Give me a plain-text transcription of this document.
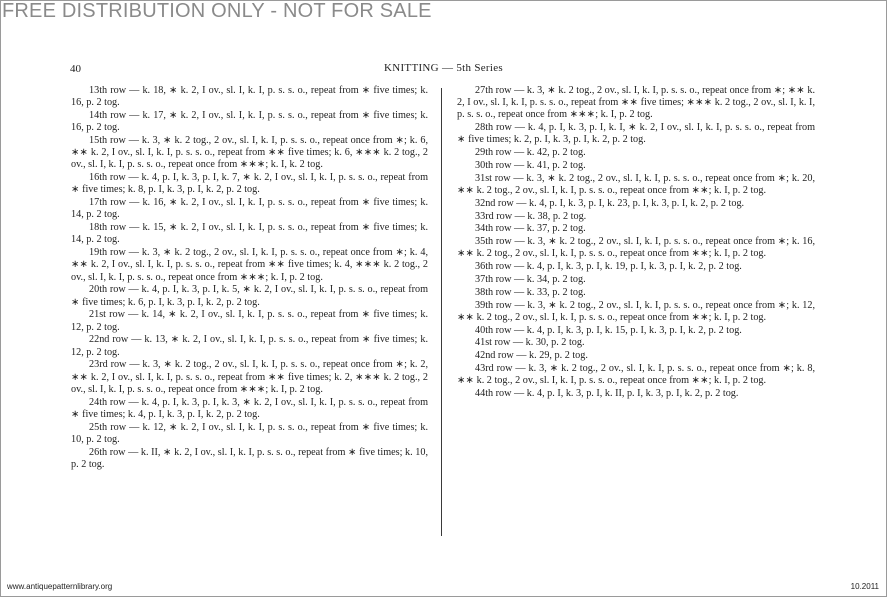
FREE DISTRIBUTION ONLY - NOT FOR SALE
40	KNITTING — 5th Series

13th row — k. 18, ∗ k. 2, I ov., sl. I, k. I, p. s. s. o., repeat from ∗ five times; k. 16, p. 2 tog.

14th row — k. 17, ∗ k. 2, I ov., sl. I, k. I, p. s. s. o., repeat from ∗ five times; k. 16, p. 2 tog.

15th row — k. 3, ∗ k. 2 tog., 2 ov., sl. I, k. I, p. s. s. o., repeat once from ∗; k. 6, ∗∗ k. 2, I ov., sl. I, k. I, p. s. s. o., repeat from ∗∗ five times; k. 6, ∗∗∗ k. 2 tog., 2 ov., sl. I, k. I, p. s. s. o., repeat once from ∗∗∗; k. I, k. 2 tog.

16th row — k. 4, p. I, k. 3, p. I, k. 7, ∗ k. 2, I ov., sl. I, k. I, p. s. s. o., repeat from ∗ five times; k. 8, p. I, k. 3, p. I, k. 2, p. 2 tog.

17th row — k. 16, ∗ k. 2, I ov., sl. I, k. I, p. s. s. o., repeat from ∗ five times; k. 14, p. 2 tog.

18th row — k. 15, ∗ k. 2, I ov., sl. I, k. I, p. s. s. o., repeat from ∗ five times; k. 14, p. 2 tog.

19th row — k. 3, ∗ k. 2 tog., 2 ov., sl. I, k. I, p. s. s. o., repeat once from ∗; k. 4, ∗∗ k. 2, I ov., sl. I, k. I, p. s. s. o., repeat from ∗∗ five times; k. 4, ∗∗∗ k. 2 tog., 2 ov., sl. I, k. I, p. s. s. o., repeat once from ∗∗∗; k. I, p. 2 tog.

20th row — k. 4, p. I, k. 3, p. I, k. 5, ∗ k. 2, I ov., sl. I, k. I, p. s. s. o., repeat from ∗ five times; k. 6, p. I, k. 3, p. I, k. 2, p. 2 tog.

21st row — k. 14, ∗ k. 2, I ov., sl. I, k. I, p. s. s. o., repeat from ∗ five times; k. 12, p. 2 tog.

22nd row — k. 13, ∗ k. 2, I ov., sl. I, k. I, p. s. s. o., repeat from ∗ five times; k. 12, p. 2 tog.

23rd row — k. 3, ∗ k. 2 tog., 2 ov., sl. I, k. I, p. s. s. o., repeat once from ∗; k. 2, ∗∗ k. 2, I ov., sl. I, k. I, p. s. s. o., repeat from ∗∗ five times; k. 2, ∗∗∗ k. 2 tog., 2 ov., sl. I, k. I, p. s. s. o., repeat once from ∗∗∗; k. I, p. 2 tog.

24th row — k. 4, p. I, k. 3, p. I, k. 3, ∗ k. 2, I ov., sl. I, k. I, p. s. s. o., repeat from ∗ five times; k. 4, p. I, k. 3, p. I, k. 2, p. 2 tog.

25th row — k. 12, ∗ k. 2, I ov., sl. I, k. I, p. s. s. o., repeat from ∗ five times; k. 10, p. 2 tog.

26th row — k. II, ∗ k. 2, I ov., sl. I, k. I, p. s. s. o., repeat from ∗ five times; k. 10, p. 2 tog.

27th row — k. 3, ∗ k. 2 tog., 2 ov., sl. I, k. I, p. s. s. o., repeat once from ∗; ∗∗ k. 2, I ov., sl. I, k. I, p. s. s. o., repeat from ∗∗ five times; ∗∗∗ k. 2 tog., 2 ov., sl. I, k. I, p. s. s. o., repeat once from ∗∗∗; k. I, p. 2 tog.

28th row — k. 4, p. I, k. 3, p. I, k. I, ∗ k. 2, I ov., sl. I, k. I, p. s. s. o., repeat from ∗ five times; k. 2, p. I, k. 3, p. I, k. 2, p. 2 tog.

29th row — k. 42, p. 2 tog.

30th row — k. 41, p. 2 tog.

31st row — k. 3, ∗ k. 2 tog., 2 ov., sl. I, k. I, p. s. s. o., repeat once from ∗; k. 20, ∗∗ k. 2 tog., 2 ov., sl. I, k. I, p. s. s. o., repeat once from ∗∗; k. I, p. 2 tog.

32nd row — k. 4, p. I, k. 3, p. I, k. 23, p. I, k. 3, p. I, k. 2, p. 2 tog.

33rd row — k. 38, p. 2 tog.

34th row — k. 37, p. 2 tog.

35th row — k. 3, ∗ k. 2 tog., 2 ov., sl. I, k. I, p. s. s. o., repeat once from ∗; k. 16, ∗∗ k. 2 tog., 2 ov., sl. I, k. I, p. s. s. o., repeat once from ∗∗; k. I, p. 2 tog.

36th row — k. 4, p. I, k. 3, p. I, k. 19, p. I, k. 3, p. I, k. 2, p. 2 tog.

37th row — k. 34, p. 2 tog.

38th row — k. 33, p. 2 tog.

39th row — k. 3, ∗ k. 2 tog., 2 ov., sl. I, k. I, p. s. s. o., repeat once from ∗; k. 12, ∗∗ k. 2 tog., 2 ov., sl. I, k. I, p. s. s. o., repeat once from ∗∗; k. I, p. 2 tog.

40th row — k. 4, p. I, k. 3, p. I, k. 15, p. I, k. 3, p. I, k. 2, p. 2 tog.

41st row — k. 30, p. 2 tog.

42nd row — k. 29, p. 2 tog.

43rd row — k. 3, ∗ k. 2 tog., 2 ov., sl. I, k. I, p. s. s. o., repeat once from ∗; k. 8, ∗∗ k. 2 tog., 2 ov., sl. I, k. I, p. s. s. o., repeat once from ∗∗; k. I, p. 2 tog.

44th row — k. 4, p. I, k. 3, p. I, k. II, p. I, k. 3, p. I, k. 2, p. 2 tog.

www.antiquepatternlibrary.org	10.2011
